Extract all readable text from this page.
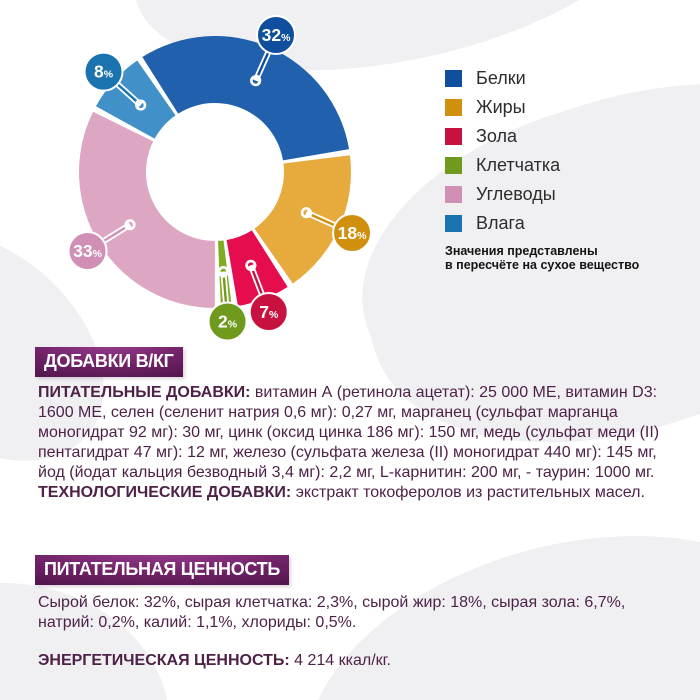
32%
18%
7%
2%
33%
8%	Белки
Жиры
Зола
Клетчатка
Углеводы
Влага
Значения представлены
в пересчёте на сухое вещество
ДОБАВКИ В/КГ

ПИТАТЕЛЬНЫЕ ДОБАВКИ: витамин А (ретинола ацетат): 25 000 МЕ, витамин D3: 1600 МЕ, селен (селенит натрия 0,6 мг): 0,27 мг, марганец (сульфат марганца моногидрат 92 мг): 30 мг, цинк (оксид цинка 186 мг): 150 мг, медь (сульфат меди (II) пентагидрат 47 мг): 12 мг, железо (сульфата железа (II) моногидрат 440 мг): 145 мг, йод (йодат кальция безводный 3,4 мг): 2,2 мг, L-карнитин: 200 мг, - таурин: 1000 мг.
ТЕХНОЛОГИЧЕСКИЕ ДОБАВКИ: экстракт токоферолов из растительных масел.

ПИТАТЕЛЬНАЯ ЦЕННОСТЬ

Сырой белок: 32%, сырая клетчатка: 2,3%, сырой жир: 18%, сырая зола: 6,7%, натрий: 0,2%, калий: 1,1%, хлориды: 0,5%.

ЭНЕРГЕТИЧЕСКАЯ ЦЕННОСТЬ: 4 214 ккал/кг.
